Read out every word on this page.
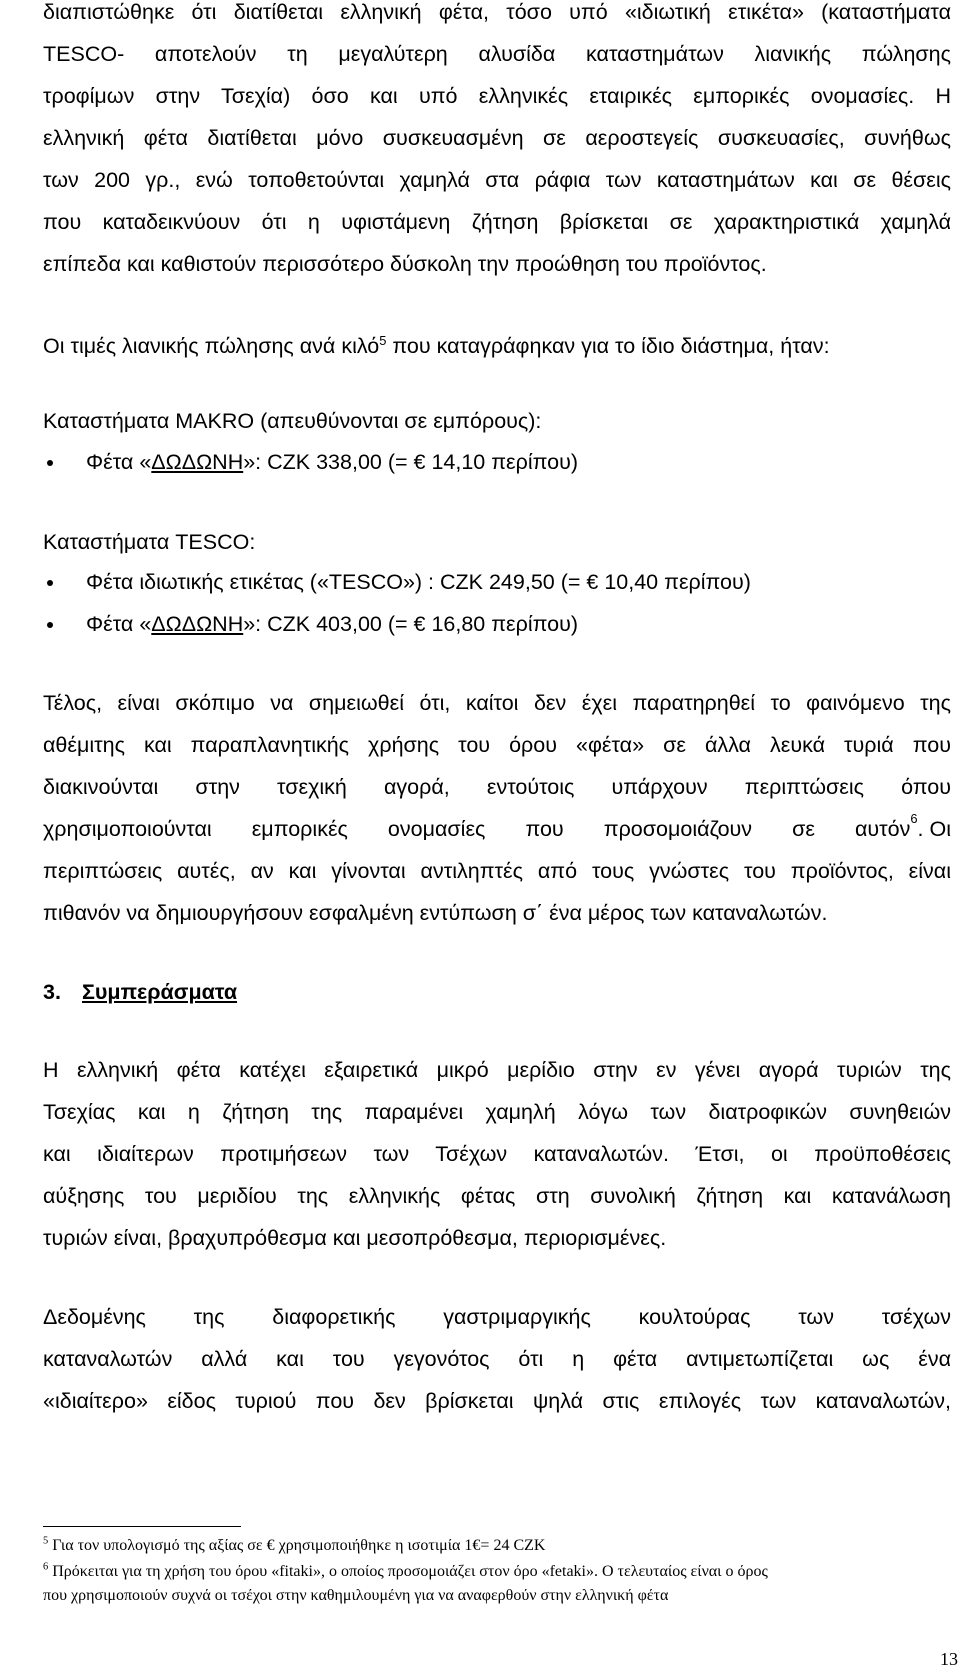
διαπιστώθηκε ότι διατίθεται ελληνική φέτα, τόσο υπό «ιδιωτική ετικέτα» (καταστήματα
TESCO- αποτελούν τη μεγαλύτερη αλυσίδα καταστημάτων λιανικής πώλησης
τροφίμων στην Τσεχία) όσο και υπό ελληνικές εταιρικές εμπορικές ονομασίες. Η
ελληνική φέτα διατίθεται μόνο συσκευασμένη σε αεροστεγείς συσκευασίες, συνήθως
των 200 γρ., ενώ τοποθετούνται χαμηλά στα ράφια των καταστημάτων και σε θέσεις
που καταδεικνύουν ότι η υφιστάμενη ζήτηση βρίσκεται σε χαρακτηριστικά χαμηλά
επίπεδα και καθιστούν περισσότερο δύσκολη την προώθηση του προϊόντος.
Οι τιμές λιανικής πώλησης ανά κιλό$^5$ που καταγράφηκαν για το ίδιο διάστημα, ήταν:
Καταστήματα MAKRO (απευθύνονται σε εμπόρους):
Φέτα «ΔΩΔΩΝΗ»: CZK 338,00 (= € 14,10 περίπου)
Καταστήματα TESCO:
Φέτα ιδιωτικής ετικέτας («TESCO») : CZK 249,50 (= € 10,40 περίπου)
Φέτα «ΔΩΔΩΝΗ»: CZK 403,00 (= € 16,80 περίπου)
Τέλος, είναι σκόπιμο να σημειωθεί ότι, καίτοι δεν έχει παρατηρηθεί το φαινόμενο της
αθέμιτης και παραπλανητικής χρήσης του όρου «φέτα» σε άλλα λευκά τυριά που
διακινούνται στην τσεχική αγορά, εντούτοις υπάρχουν περιπτώσεις όπου
χρησιμοποιούνται εμπορικές ονομασίες που προσομοιάζουν σε αυτόν 6 . Οι
περιπτώσεις αυτές, αν και γίνονται αντιληπτές από τους γνώστες του προϊόντος, είναι
πιθανόν να δημιουργήσουν εσφαλμένη εντύπωση σ΄ ένα μέρος των καταναλωτών.
3. Συμπεράσματα
Η ελληνική φέτα κατέχει εξαιρετικά μικρό μερίδιο στην εν γένει αγορά τυριών της
Τσεχίας και η ζήτηση της παραμένει χαμηλή λόγω των διατροφικών συνηθειών
και ιδιαίτερων προτιμήσεων των Τσέχων καταναλωτών. Έτσι, οι προϋποθέσεις
αύξησης του μεριδίου της ελληνικής φέτας στη συνολική ζήτηση και κατανάλωση
τυριών είναι, βραχυπρόθεσμα και μεσοπρόθεσμα, περιορισμένες.
Δεδομένης της διαφορετικής γαστριμαργικής κουλτούρας των τσέχων
καταναλωτών αλλά και του γεγονότος ότι η φέτα αντιμετωπίζεται ως ένα
«ιδιαίτερο» είδος τυριού που δεν βρίσκεται ψηλά στις επιλογές των καταναλωτών,
$^5$ Για τον υπολογισμό της αξίας σε € χρησιμοποιήθηκε η ισοτιμία 1€= 24 CZK
$^6$ Πρόκειται για τη χρήση του όρου «fitaki», ο οποίος προσομοιάζει στον όρο «fetaki». Ο τελευταίος είναι ο όρος
που χρησιμοποιούν συχνά οι τσέχοι στην καθημιλουμένη για να αναφερθούν στην ελληνική φέτα
13
